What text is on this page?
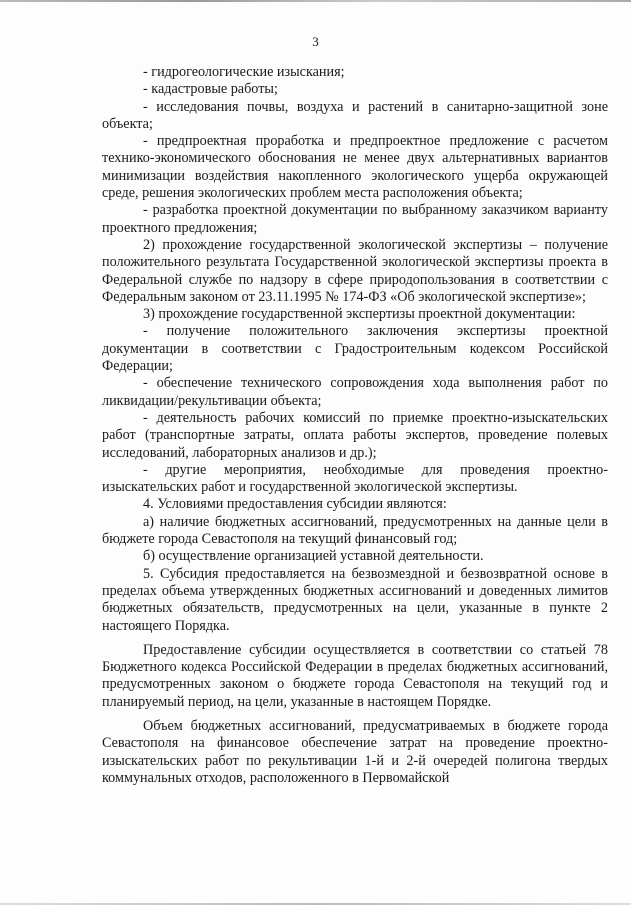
3

- гидрогеологические изыскания;

- кадастровые работы;

- исследования почвы, воздуха и растений в санитарно-защитной зоне объекта;

- предпроектная проработка и предпроектное предложение с расчетом технико-экономического обоснования не менее двух альтернативных вариантов минимизации воздействия накопленного экологического ущерба окружающей среде, решения экологических проблем места расположения объекта;

- разработка проектной документации по выбранному заказчиком варианту проектного предложения;

2) прохождение государственной экологической экспертизы – получение положительного результата Государственной экологической экспертизы проекта в Федеральной службе по надзору в сфере природопользования в соответствии с Федеральным законом от 23.11.1995 № 174-ФЗ «Об экологической экспертизе»;

3) прохождение государственной экспертизы проектной документации:

- получение положительного заключения экспертизы проектной документации в соответствии с Градостроительным кодексом Российской Федерации;

- обеспечение технического сопровождения хода выполнения работ по ликвидации/рекультивации объекта;

- деятельность рабочих комиссий по приемке проектно-изыскательских работ (транспортные затраты, оплата работы экспертов, проведение полевых исследований, лабораторных анализов и др.);

- другие мероприятия, необходимые для проведения проектно-изыскательских работ и государственной экологической экспертизы.

4. Условиями предоставления субсидии являются:

а) наличие бюджетных ассигнований, предусмотренных на данные цели в бюджете города Севастополя на текущий финансовый год;

б) осуществление организацией уставной деятельности.

5. Субсидия предоставляется на безвозмездной и безвозвратной основе в пределах объема утвержденных бюджетных ассигнований и доведенных лимитов бюджетных обязательств, предусмотренных на цели, указанные в пункте 2 настоящего Порядка.

Предоставление субсидии осуществляется в соответствии со статьей 78 Бюджетного кодекса Российской Федерации в пределах бюджетных ассигнований, предусмотренных законом о бюджете города Севастополя на текущий год и планируемый период, на цели, указанные в настоящем Порядке.

Объем бюджетных ассигнований, предусматриваемых в бюджете города Севастополя на финансовое обеспечение затрат на проведение проектно-изыскательских работ по рекультивации 1-й и 2-й очередей полигона твердых коммунальных отходов, расположенного в Первомайской
